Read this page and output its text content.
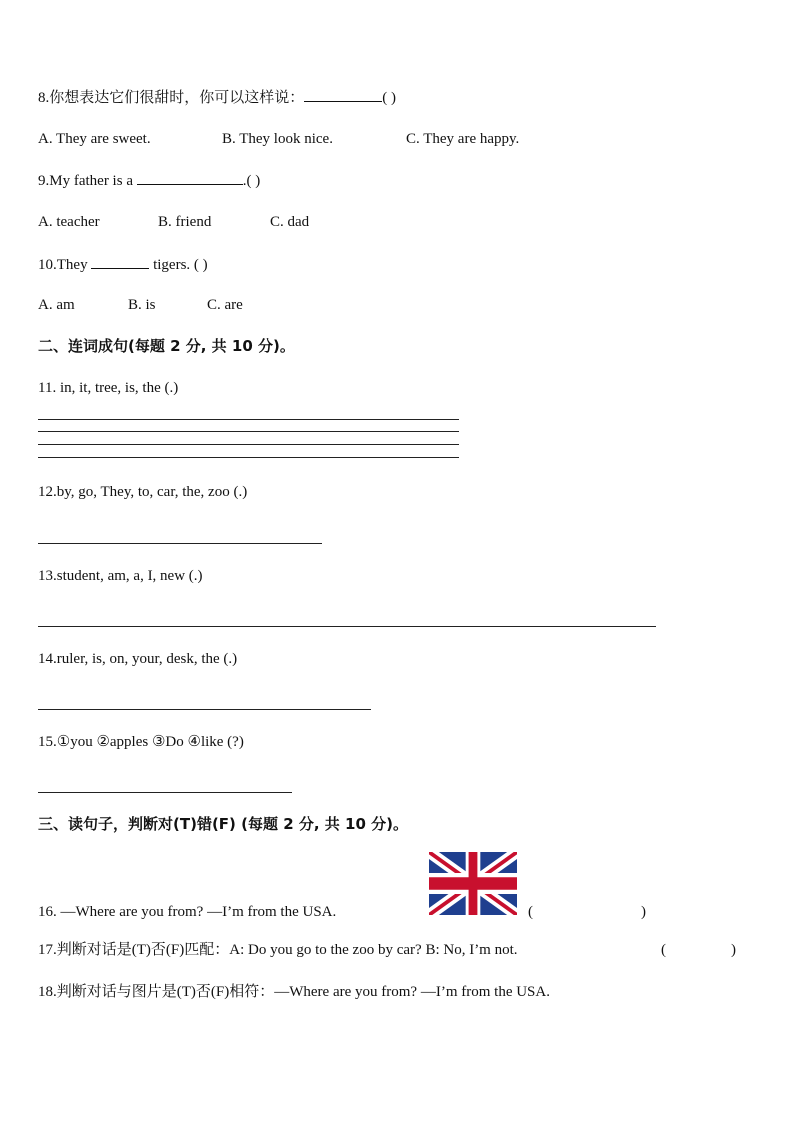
8.你想表达它们很甜时，你可以这样说：	( )
A. They are sweet.	B. They look nice.	C. They are happy.
9.My father is a	.( )
A. teacher	B. friend	C. dad
10.They	tigers. ( )
A. am	B. is	C. are
二、连词成句(每题 2 分, 共 10 分)。
11. in, it, tree, is, the (.)
12.by, go, They, to, car, the, zoo (.)
13.student, am, a, I, new (.)
14.ruler, is, on, your, desk, the (.)
15.①you ②apples ③Do ④like (?)
三、读句子，判断对(T)错(F) (每题 2 分, 共 10 分)。
16. —Where are you from? —I’m from the USA.	(	)
17.判断对话是(T)否(F)匹配：A: Do you go to the zoo by car? B: No, I’m not.	(	)
18.判断对话与图片是(T)否(F)相符：—Where are you from? —I’m from the USA.
